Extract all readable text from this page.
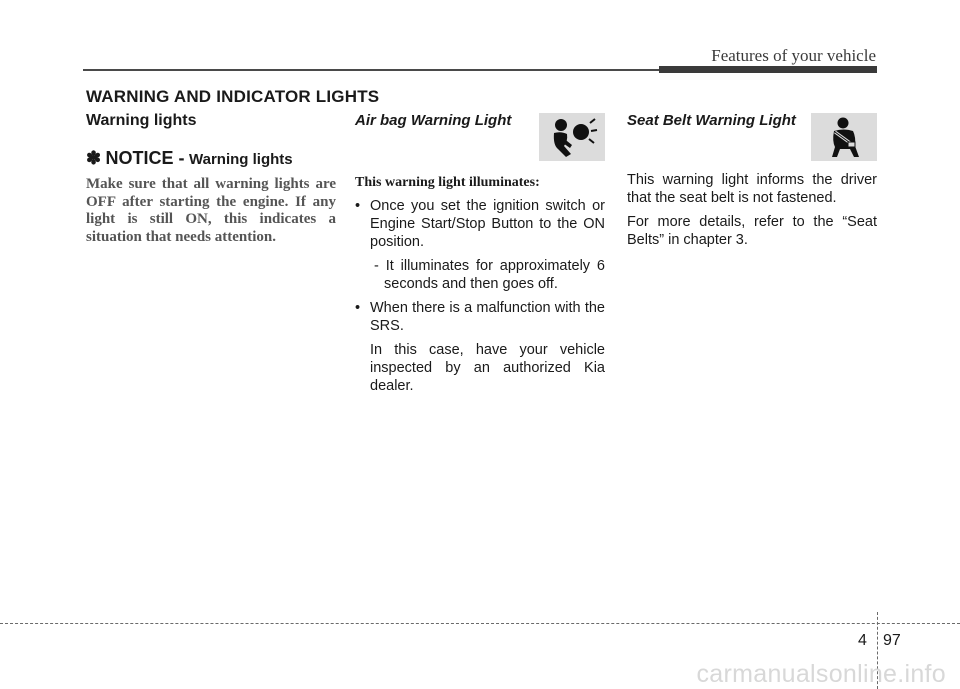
Features of your vehicle
WARNING AND INDICATOR LIGHTS
Warning lights
✽ NOTICE - Warning lights

Make sure that all warning lights are OFF after starting the engine. If any light is still ON, this indicates a situation that needs attention.

Air bag Warning Light

This warning light illuminates:

• Once you set the ignition switch or Engine Start/Stop Button to the ON position.
- It illuminates for approximately 6 seconds and then goes off.
• When there is a malfunction with the SRS.
In this case, have your vehicle inspected by an authorized Kia dealer.
Seat Belt Warning Light

This warning light informs the driver that the seat belt is not fastened.

For more details, refer to the “Seat Belts” in chapter 3.

4 97
carmanualsonline.info
